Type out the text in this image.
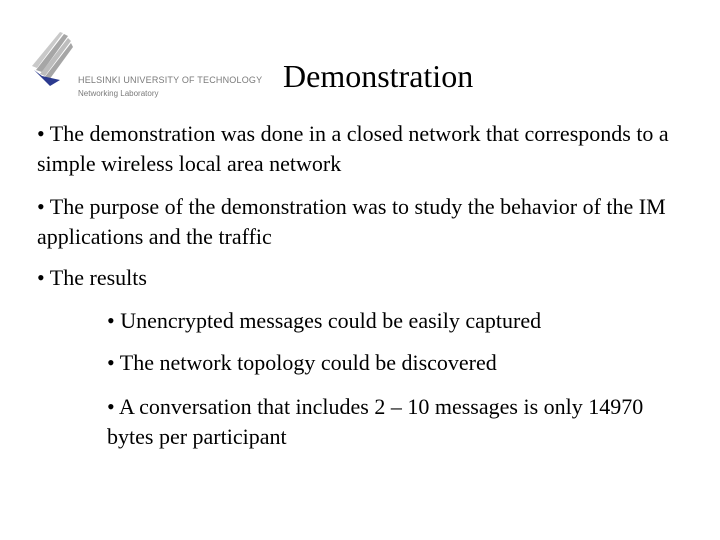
HELSINKI UNIVERSITY OF TECHNOLOGY
Networking Laboratory	Demonstration
• The demonstration was done in a closed network that corresponds to a simple wireless local area network
• The purpose of the demonstration was to study the behavior of the IM applications and the traffic
• The results
• Unencrypted messages could be easily captured
• The network topology could be discovered
• A conversation that includes 2 – 10 messages is only 14970 bytes per participant
